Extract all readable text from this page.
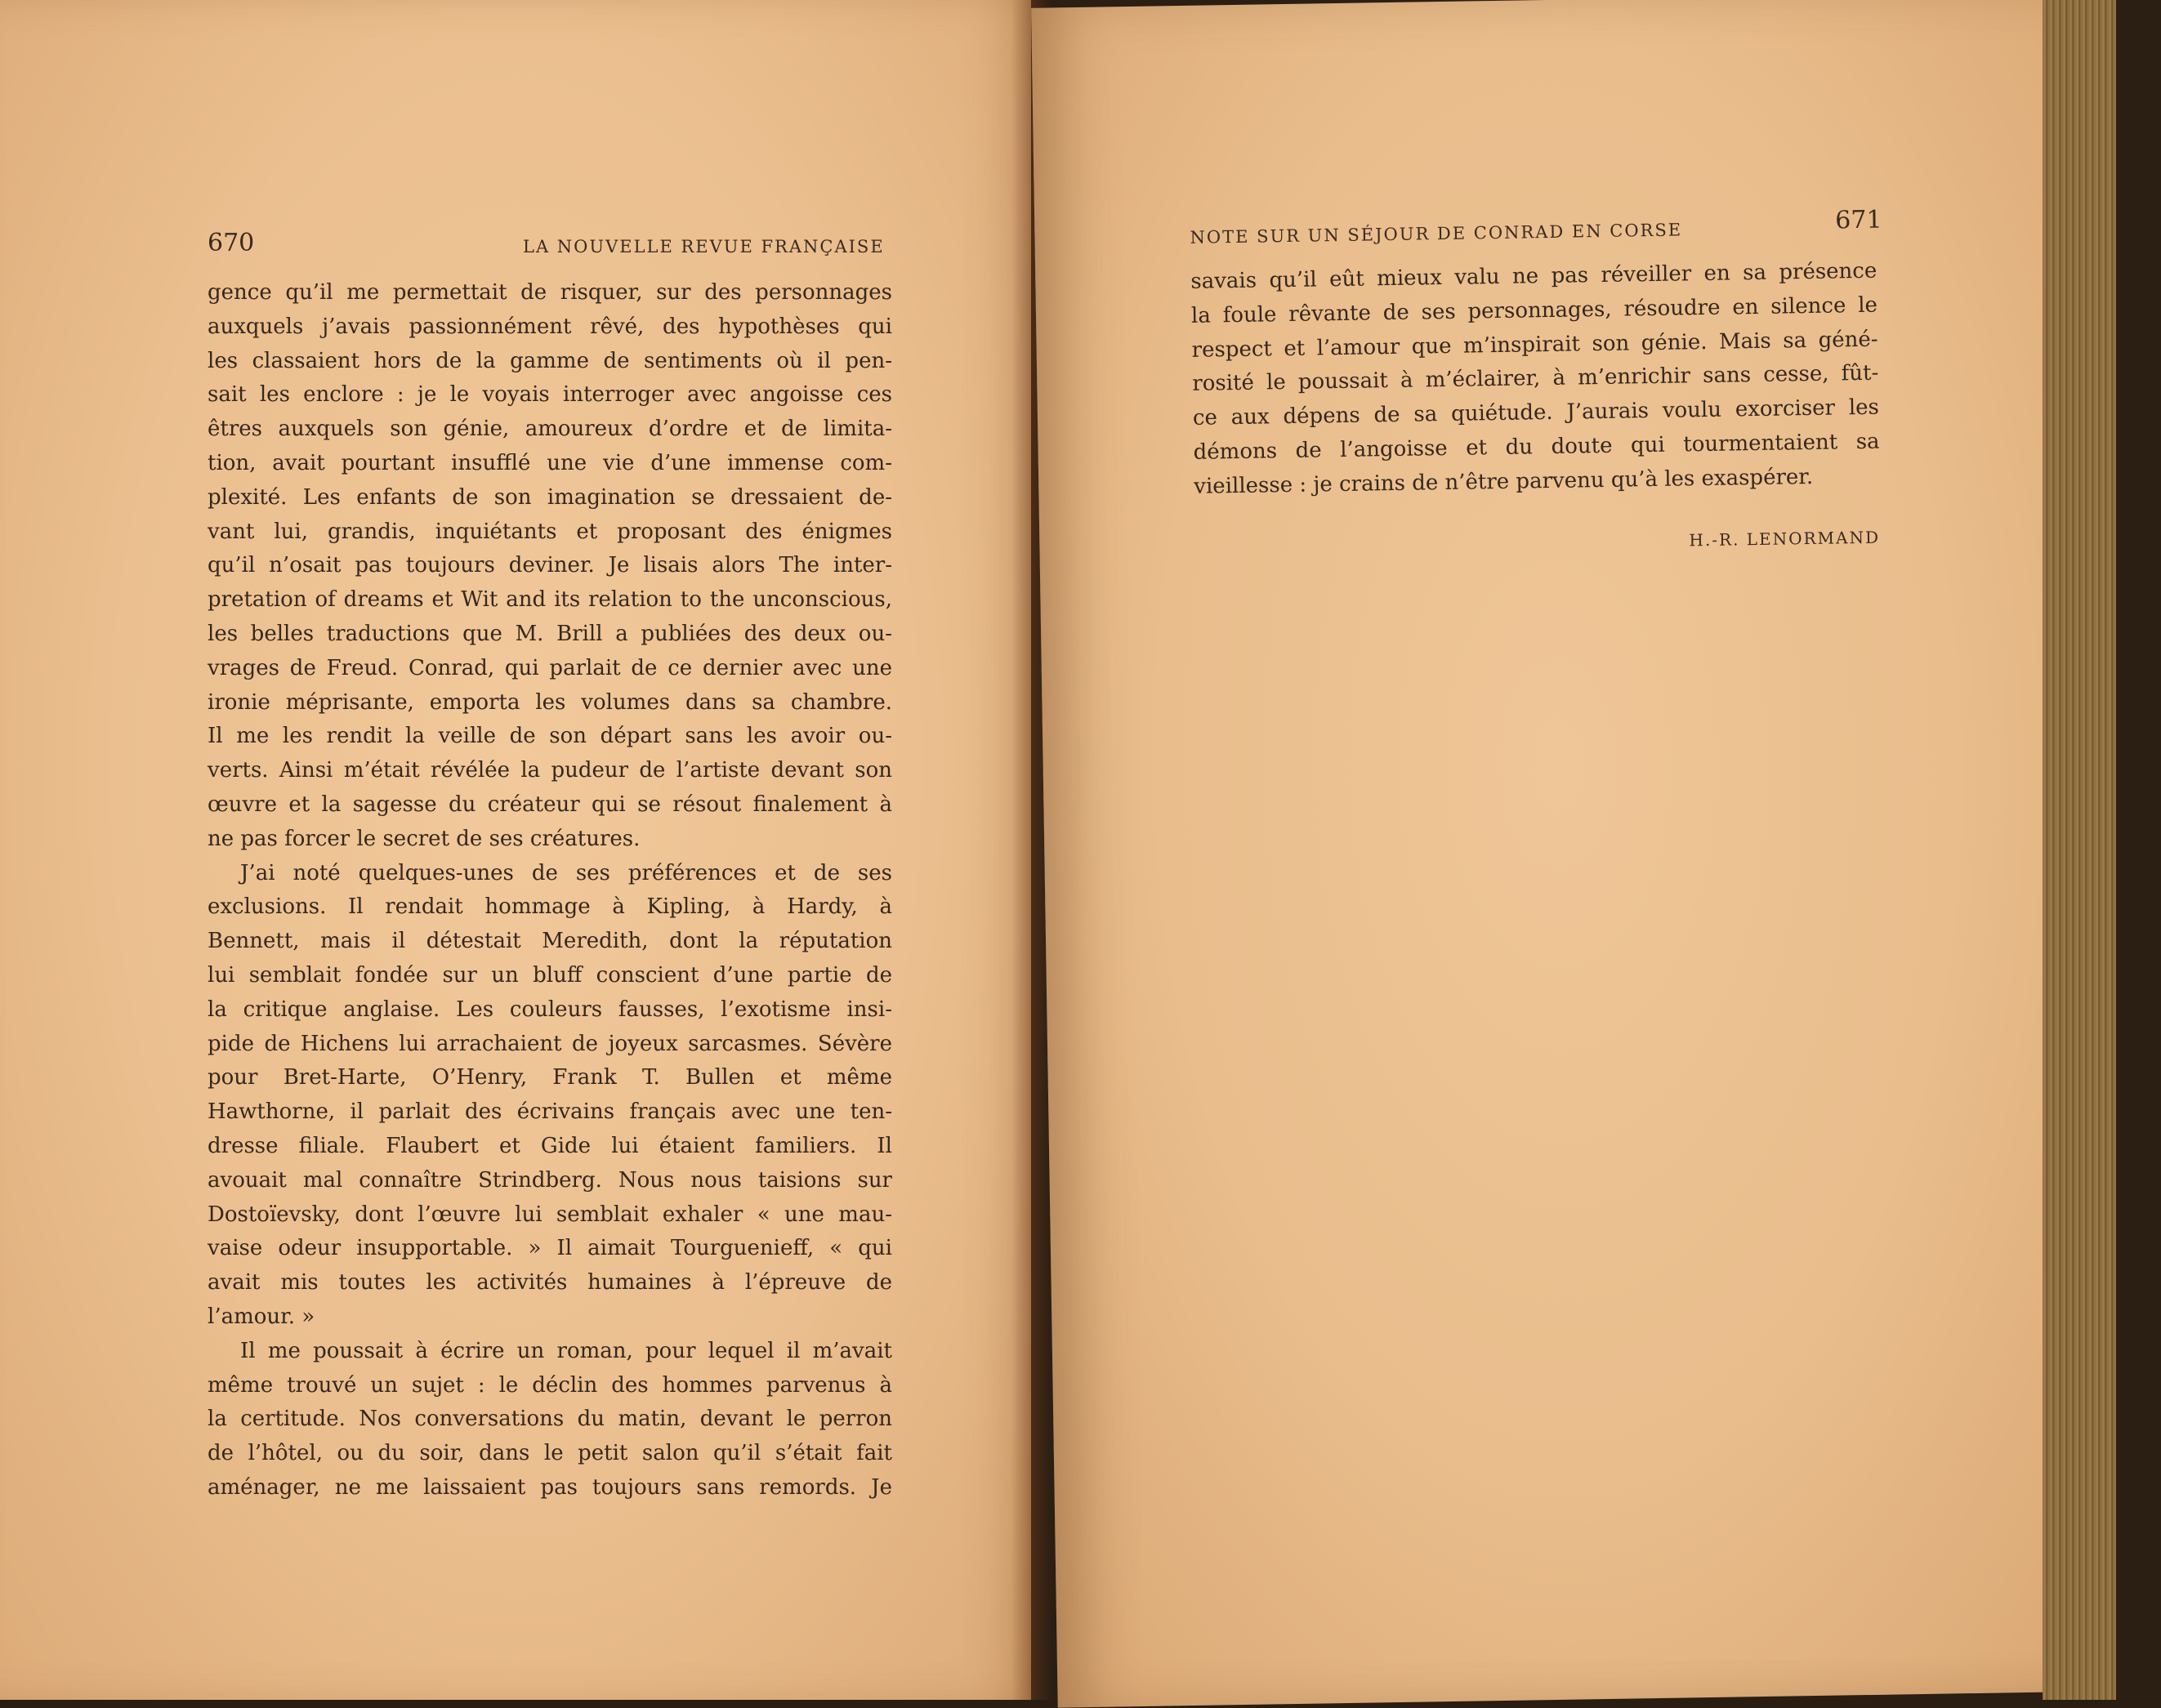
670	LA NOUVELLE REVUE FRANÇAISE
gence qu’il me permettait de risquer, sur des personnages
auxquels j’avais passionnément rêvé, des hypothèses qui
les classaient hors de la gamme de sentiments où il pen-
sait les enclore : je le voyais interroger avec angoisse ces
êtres auxquels son génie, amoureux d’ordre et de limita-
tion, avait pourtant insufflé une vie d’une immense com-
plexité. Les enfants de son imagination se dressaient de-
vant lui, grandis, inquiétants et proposant des énigmes
qu’il n’osait pas toujours deviner. Je lisais alors The inter-
pretation of dreams et Wit and its relation to the unconscious,
les belles traductions que M. Brill a publiées des deux ou-
vrages de Freud. Conrad, qui parlait de ce dernier avec une
ironie méprisante, emporta les volumes dans sa chambre.
Il me les rendit la veille de son départ sans les avoir ou-
verts. Ainsi m’était révélée la pudeur de l’artiste devant son
œuvre et la sagesse du créateur qui se résout finalement à
ne pas forcer le secret de ses créatures.
J’ai noté quelques-unes de ses préférences et de ses
exclusions. Il rendait hommage à Kipling, à Hardy, à
Bennett, mais il détestait Meredith, dont la réputation
lui semblait fondée sur un bluff conscient d’une partie de
la critique anglaise. Les couleurs fausses, l’exotisme insi-
pide de Hichens lui arrachaient de joyeux sarcasmes. Sévère
pour Bret-Harte, O’Henry, Frank T. Bullen et même
Hawthorne, il parlait des écrivains français avec une ten-
dresse filiale. Flaubert et Gide lui étaient familiers. Il
avouait mal connaître Strindberg. Nous nous taisions sur
Dostoïevsky, dont l’œuvre lui semblait exhaler « une mau-
vaise odeur insupportable. » Il aimait Tourguenieff, « qui
avait mis toutes les activités humaines à l’épreuve de
l’amour. »
Il me poussait à écrire un roman, pour lequel il m’avait
même trouvé un sujet : le déclin des hommes parvenus à
la certitude. Nos conversations du matin, devant le perron
de l’hôtel, ou du soir, dans le petit salon qu’il s’était fait
aménager, ne me laissaient pas toujours sans remords. Je
NOTE SUR UN SÉJOUR DE CONRAD EN CORSE	671
savais qu’il eût mieux valu ne pas réveiller en sa présence
la foule rêvante de ses personnages, résoudre en silence le
respect et l’amour que m’inspirait son génie. Mais sa géné-
rosité le poussait à m’éclairer, à m’enrichir sans cesse, fût-
ce aux dépens de sa quiétude. J’aurais voulu exorciser les
démons de l’angoisse et du doute qui tourmentaient sa
vieillesse : je crains de n’être parvenu qu’à les exaspérer.
H.-R. LENORMAND
